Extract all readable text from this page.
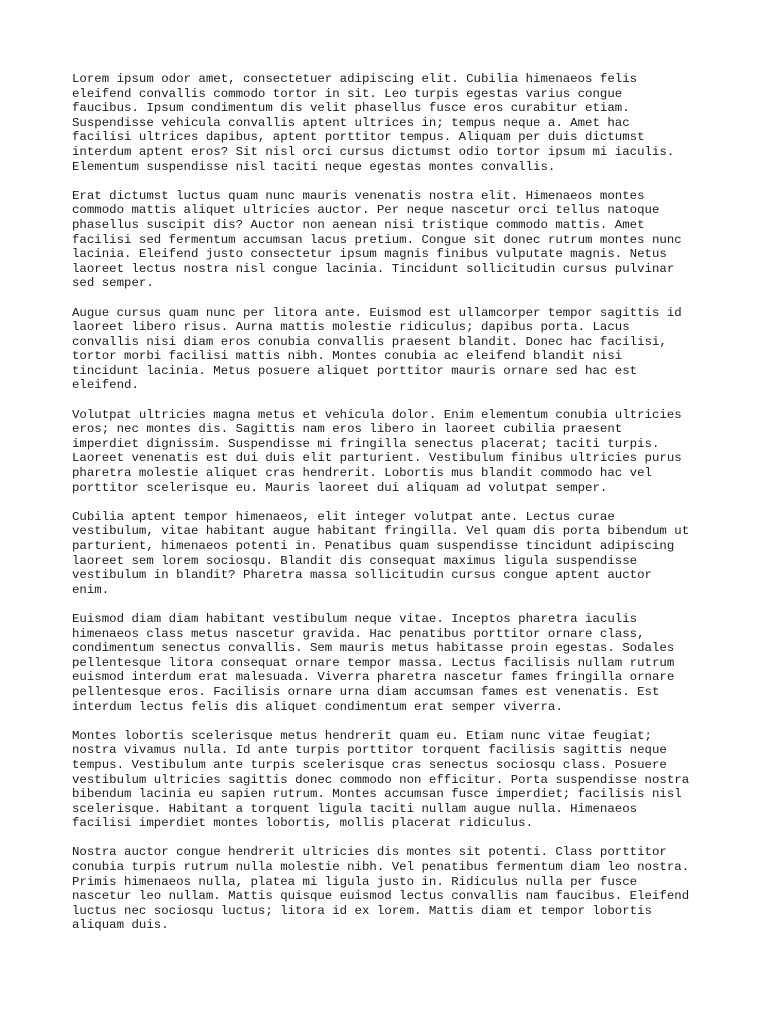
Lorem ipsum odor amet, consectetuer adipiscing elit. Cubilia himenaeos felis
eleifend convallis commodo tortor in sit. Leo turpis egestas varius congue
faucibus. Ipsum condimentum dis velit phasellus fusce eros curabitur etiam.
Suspendisse vehicula convallis aptent ultrices in; tempus neque a. Amet hac
facilisi ultrices dapibus, aptent porttitor tempus. Aliquam per duis dictumst
interdum aptent eros? Sit nisl orci cursus dictumst odio tortor ipsum mi iaculis.
Elementum suspendisse nisl taciti neque egestas montes convallis.

Erat dictumst luctus quam nunc mauris venenatis nostra elit. Himenaeos montes
commodo mattis aliquet ultricies auctor. Per neque nascetur orci tellus natoque
phasellus suscipit dis? Auctor non aenean nisi tristique commodo mattis. Amet
facilisi sed fermentum accumsan lacus pretium. Congue sit donec rutrum montes nunc
lacinia. Eleifend justo consectetur ipsum magnis finibus vulputate magnis. Netus
laoreet lectus nostra nisl congue lacinia. Tincidunt sollicitudin cursus pulvinar
sed semper.

Augue cursus quam nunc per litora ante. Euismod est ullamcorper tempor sagittis id
laoreet libero risus. Aurna mattis molestie ridiculus; dapibus porta. Lacus
convallis nisi diam eros conubia convallis praesent blandit. Donec hac facilisi,
tortor morbi facilisi mattis nibh. Montes conubia ac eleifend blandit nisi
tincidunt lacinia. Metus posuere aliquet porttitor mauris ornare sed hac est
eleifend.

Volutpat ultricies magna metus et vehicula dolor. Enim elementum conubia ultricies
eros; nec montes dis. Sagittis nam eros libero in laoreet cubilia praesent
imperdiet dignissim. Suspendisse mi fringilla senectus placerat; taciti turpis.
Laoreet venenatis est dui duis elit parturient. Vestibulum finibus ultricies purus
pharetra molestie aliquet cras hendrerit. Lobortis mus blandit commodo hac vel
porttitor scelerisque eu. Mauris laoreet dui aliquam ad volutpat semper.

Cubilia aptent tempor himenaeos, elit integer volutpat ante. Lectus curae
vestibulum, vitae habitant augue habitant fringilla. Vel quam dis porta bibendum ut
parturient, himenaeos potenti in. Penatibus quam suspendisse tincidunt adipiscing
laoreet sem lorem sociosqu. Blandit dis consequat maximus ligula suspendisse
vestibulum in blandit? Pharetra massa sollicitudin cursus congue aptent auctor
enim.

Euismod diam diam habitant vestibulum neque vitae. Inceptos pharetra iaculis
himenaeos class metus nascetur gravida. Hac penatibus porttitor ornare class,
condimentum senectus convallis. Sem mauris metus habitasse proin egestas. Sodales
pellentesque litora consequat ornare tempor massa. Lectus facilisis nullam rutrum
euismod interdum erat malesuada. Viverra pharetra nascetur fames fringilla ornare
pellentesque eros. Facilisis ornare urna diam accumsan fames est venenatis. Est
interdum lectus felis dis aliquet condimentum erat semper viverra.

Montes lobortis scelerisque metus hendrerit quam eu. Etiam nunc vitae feugiat;
nostra vivamus nulla. Id ante turpis porttitor torquent facilisis sagittis neque
tempus. Vestibulum ante turpis scelerisque cras senectus sociosqu class. Posuere
vestibulum ultricies sagittis donec commodo non efficitur. Porta suspendisse nostra
bibendum lacinia eu sapien rutrum. Montes accumsan fusce imperdiet; facilisis nisl
scelerisque. Habitant a torquent ligula taciti nullam augue nulla. Himenaeos
facilisi imperdiet montes lobortis, mollis placerat ridiculus.

Nostra auctor congue hendrerit ultricies dis montes sit potenti. Class porttitor
conubia turpis rutrum nulla molestie nibh. Vel penatibus fermentum diam leo nostra.
Primis himenaeos nulla, platea mi ligula justo in. Ridiculus nulla per fusce
nascetur leo nullam. Mattis quisque euismod lectus convallis nam faucibus. Eleifend
luctus nec sociosqu luctus; litora id ex lorem. Mattis diam et tempor lobortis
aliquam duis.
